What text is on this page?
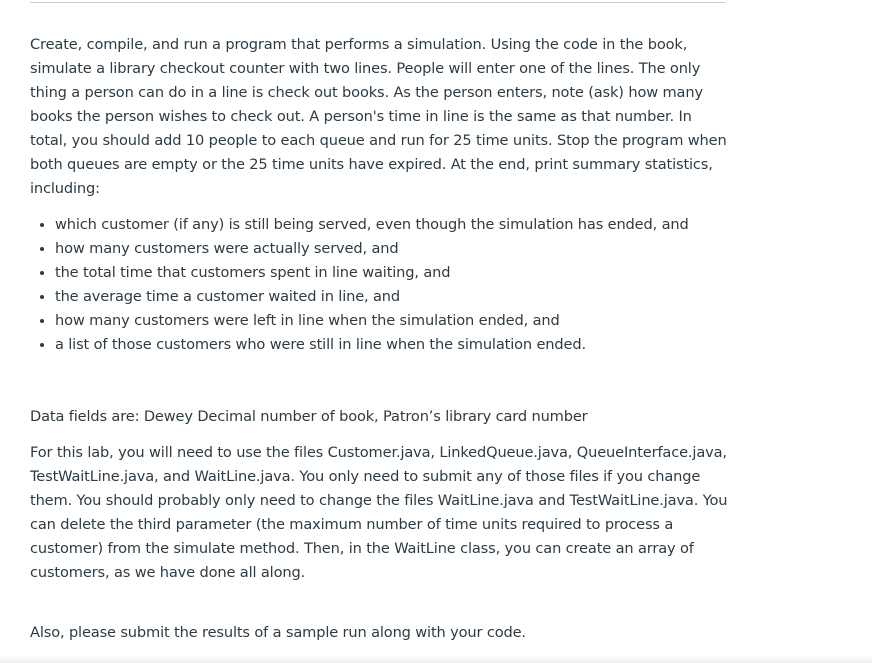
Create, compile, and run a program that performs a simulation. Using the code in the book, simulate a library checkout counter with two lines. People will enter one of the lines. The only thing a person can do in a line is check out books. As the person enters, note (ask) how many books the person wishes to check out. A person's time in line is the same as that number. In total, you should add 10 people to each queue and run for 25 time units. Stop the program when both queues are empty or the 25 time units have expired. At the end, print summary statistics, including:

• which customer (if any) is still being served, even though the simulation has ended, and
• how many customers were actually served, and
• the total time that customers spent in line waiting, and
• the average time a customer waited in line, and
• how many customers were left in line when the simulation ended, and
• a list of those customers who were still in line when the simulation ended.

Data fields are: Dewey Decimal number of book, Patron’s library card number

For this lab, you will need to use the files Customer.java, LinkedQueue.java, QueueInterface.java, TestWaitLine.java, and WaitLine.java. You only need to submit any of those files if you change them. You should probably only need to change the files WaitLine.java and TestWaitLine.java. You can delete the third parameter (the maximum number of time units required to process a customer) from the simulate method. Then, in the WaitLine class, you can create an array of customers, as we have done all along.

Also, please submit the results of a sample run along with your code.
